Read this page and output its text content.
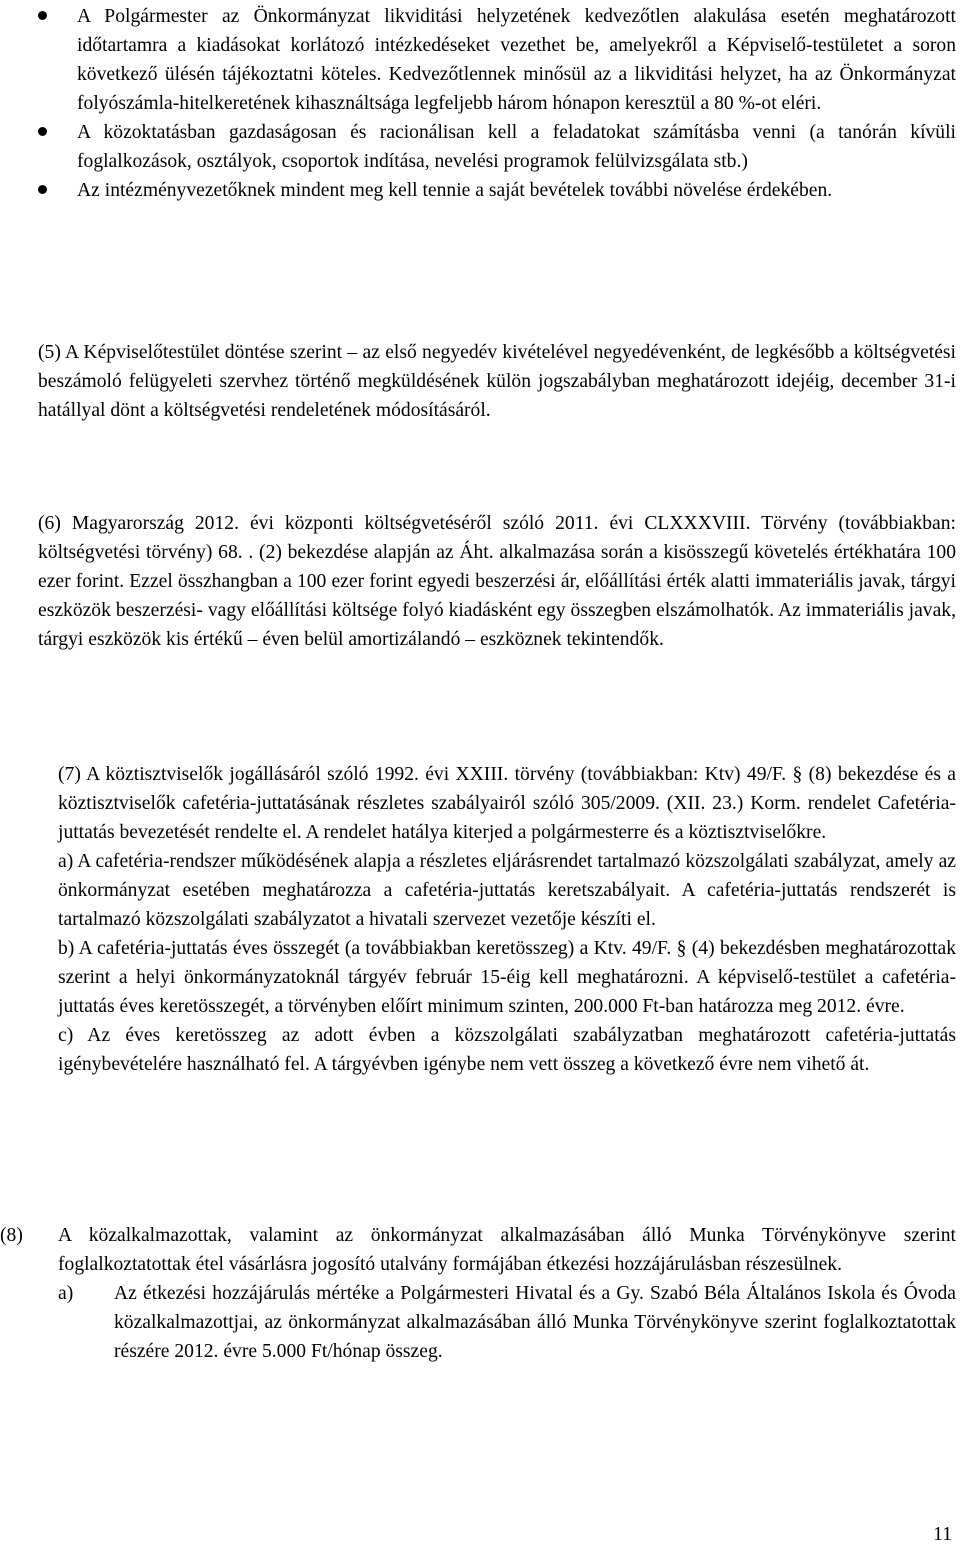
A Polgármester az Önkormányzat likviditási helyzetének kedvezőtlen alakulása esetén meghatározott időtartamra a kiadásokat korlátozó intézkedéseket vezethet be, amelyekről a Képviselő-testületet a soron következő ülésén tájékoztatni köteles. Kedvezőtlennek minősül az a likviditási helyzet, ha az Önkormányzat folyószámla-hitelkeretének kihasználtsága legfeljebb három hónapon keresztül a 80 %-ot eléri.

A közoktatásban gazdaságosan és racionálisan kell a feladatokat számításba venni (a tanórán kívüli foglalkozások, osztályok, csoportok indítása, nevelési programok felülvizsgálata stb.)

Az intézményvezetőknek mindent meg kell tennie a saját bevételek további növelése érdekében.

(5) A Képviselőtestület döntése szerint – az első negyedév kivételével negyedévenként, de legkésőbb a költségvetési beszámoló felügyeleti szervhez történő megküldésének külön jogszabályban meghatározott idejéig, december 31-i hatállyal dönt a költségvetési rendeletének módosításáról.

(6) Magyarország 2012. évi központi költségvetéséről szóló 2011. évi CLXXXVIII. Törvény (továbbiakban: költségvetési törvény) 68. . (2) bekezdése alapján az Áht. alkalmazása során a kisösszegű követelés értékhatára 100 ezer forint. Ezzel összhangban a 100 ezer forint egyedi beszerzési ár, előállítási érték alatti immateriális javak, tárgyi eszközök beszerzési- vagy előállítási költsége folyó kiadásként egy összegben elszámolhatók. Az immateriális javak, tárgyi eszközök kis értékű – éven belül amortizálandó – eszköznek tekintendők.

(7) A köztisztviselők jogállásáról szóló 1992. évi XXIII. törvény (továbbiakban: Ktv) 49/F. § (8) bekezdése és a köztisztviselők cafetéria-juttatásának részletes szabályairól szóló 305/2009. (XII. 23.) Korm. rendelet Cafetéria-juttatás bevezetését rendelte el. A rendelet hatálya kiterjed a polgármesterre és a köztisztviselőkre.

a) A cafetéria-rendszer működésének alapja a részletes eljárásrendet tartalmazó közszolgálati szabályzat, amely az önkormányzat esetében meghatározza a cafetéria-juttatás keretszabályait. A cafetéria-juttatás rendszerét is tartalmazó közszolgálati szabályzatot a hivatali szervezet vezetője készíti el.

b) A cafetéria-juttatás éves összegét (a továbbiakban keretösszeg) a Ktv. 49/F. § (4) bekezdésben meghatározottak szerint a helyi önkormányzatoknál tárgyév február 15-éig kell meghatározni. A képviselő-testület a cafetéria-juttatás éves keretösszegét, a törvényben előírt minimum szinten, 200.000 Ft-ban határozza meg 2012. évre.

c) Az éves keretösszeg az adott évben a közszolgálati szabályzatban meghatározott cafetéria-juttatás igénybevételére használható fel. A tárgyévben igénybe nem vett összeg a következő évre nem vihető át.

(8) A közalkalmazottak, valamint az önkormányzat alkalmazásában álló Munka Törvénykönyve szerint foglalkoztatottak étel vásárlásra jogosító utalvány formájában étkezési hozzájárulásban részesülnek.

a) Az étkezési hozzájárulás mértéke a Polgármesteri Hivatal és a Gy. Szabó Béla Általános Iskola és Óvoda közalkalmazottjai, az önkormányzat alkalmazásában álló Munka Törvénykönyve szerint foglalkoztatottak részére 2012. évre 5.000 Ft/hónap összeg.

11
